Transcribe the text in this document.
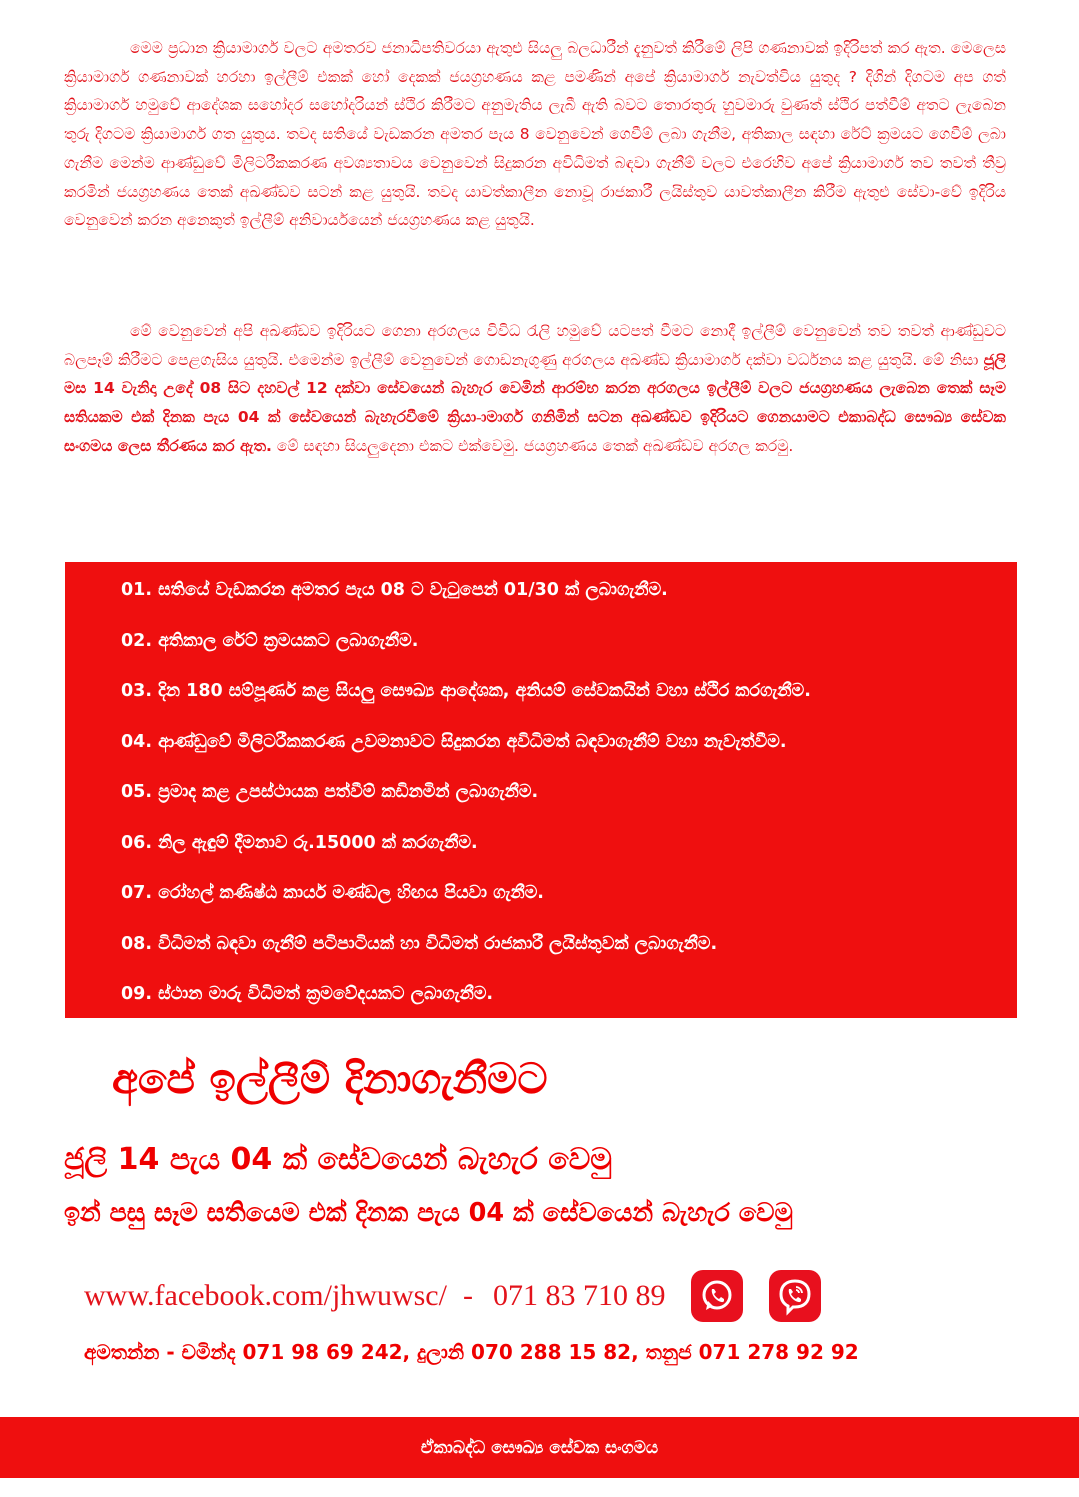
මෙම ප්‍රධාන ක්‍රියාමාර්ග වලට අමතරව ජනාධිපතිවරයා ඇතුළු සියලු බලධාරීන් දැනුවත් කිරීමේ ලිපි ගණනාවක් ඉදිරිපත් කර ඇත. මෙලෙස ක්‍රියාමාර්ග ගණනාවක් හරහා ඉල්ලීම් එකක් හෝ දෙකක් ජයග්‍රහණය කළ පමණින් අපේ ක්‍රියාමාර්ග නැවත්විය යුතුද ? දිගින් දිගටම අප ගත් ක්‍රියාමාර්ග හමුවේ ආදේශක සහෝදර සහෝදරියන් ස්ථිර කිරීමට අනුමැතිය ලැබී ඇති බවට තොරතුරු හුවමාරු වුණත් ස්ථිර පත්වීම් අතට ලැබෙන තුරු දිගටම ක්‍රියාමාර්ග ගත යුතුය. තවද සතියේ වැඩකරන අමතර පැය 8 වෙනුවෙන් ගෙවීම් ලබා ගැනීම, අතිකාල සඳහා රේට් ක්‍රමයට ගෙවීම් ලබා ගැනීම මෙන්ම ආණ්ඩුවේ මිලිටරීකකරණ අවශ්‍යතාවය වෙනුවෙන් සිදුකරන අවිධිමත් බඳවා ගැනීම් වලට එරෙහිව අපේ ක්‍රියාමාර්ග තව තවත් තීව්‍ර කරමින් ජයග්‍රහණය තෙක් අඛණ්ඩව සටන් කළ යුතුයි. තවද යාවත්කාලීන නොවූ රාජකාරී ලයිස්තුව යාවත්කාලීන කිරීම ඇතුළු සේවා-වේ ඉදිරිය වෙනුවෙන් කරන අනෙකුත් ඉල්ලීම් අනිවාර්යයෙන් ජයග්‍රහණය කළ යුතුයි.

මේ වෙනුවෙන් අපි අඛණ්ඩව ඉදිරියට ගෙනා අරගලය විවිධ රැලි හමුවේ යටපත් වීමට නොදී ඉල්ලීම් වෙනුවෙන් තව තවත් ආණ්ඩුවට බලපෑම් කිරීමට පෙළගැසිය යුතුයි. එමෙන්ම ඉල්ලීම් වෙනුවෙන් ගොඩනැගුණු අරගලය අඛණ්ඩ ක්‍රියාමාර්ග දක්වා වර්ධනය කළ යුතුයි. මේ නිසා ජූලි මස 14 වැනිදා උදේ 08 සිට දහවල් 12 දක්වා සේවයෙන් බැහැර වෙමින් ආරම්භ කරන අරගලය ඉල්ලීම් වලට ජයග්‍රහණය ලැබෙන තෙක් සෑම සතියකම එක් දිනක පැය 04 ක් සේවයෙන් බැහැරවීමේ ක්‍රියා-ාමාර්ග ගනිමින් සටන අඛණ්ඩව ඉදිරියට ගෙනයාමට එකාබද්ධ සෞඛ්‍ය සේවක සංගමය ලෙස තීරණය කර ඇත. මේ සඳහා සියලුදෙනා එකට එක්වෙමු. ජයග්‍රහණය තෙක් අඛණ්ඩව අරගල කරමු.

01. සතියේ වැඩකරන අමතර පැය 08 ට වැටුපෙන් 01/30 ක් ලබාගැනීම.
02. අතිකාල රේට් ක්‍රමයකට ලබාගැනීම.
03. දින 180 සම්පූර්ණ කළ සියලු සෞඛ්‍ය ආදේශක, අනියම් සේවකයින් වහා ස්ථිර කරගැනීම.
04. ආණ්ඩුවේ මිලිටරීකකරණ උවමනාවට සිදුකරන අවිධිමත් බඳවාගැනීම් වහා නැවැත්වීම.
05. ප්‍රමාද කළ උපස්ථායක පත්වීම් කඩිනමින් ලබාගැනීම.
06. නිල ඇඳුම් දීමනාව රු.15000 ක් කරගැනීම.
07. රෝහල් කණිෂ්ඨ කාර්ය මණ්ඩල හිඟය පියවා ගැනීම.
08. විධිමත් බඳවා ගැනීම් පටිපාටියක් හා විධිමත් රාජකාරී ලයිස්තුවක් ලබාගැනීම.
09. ස්ථාන මාරු විධිමත් ක්‍රමවේදයකට ලබාගැනීම.
අපේ ඉල්ලීම් දිනාගැනීමට
ජූලි 14 පැය 04 ක් සේවයෙන් බැහැර වෙමු
ඉන් පසු සෑම සතියෙම එක් දිනක පැය 04 ක් සේවයෙන් බැහැර වෙමු
www.facebook.com/jhwuwsc/ - 071 83 710 89

අමතන්න - චමින්ද 071 98 69 242, දුලානි 070 288 15 82, තනුජ 071 278 92 92

ඒකාබද්ධ සෞඛ්‍ය සේවක සංගමය
